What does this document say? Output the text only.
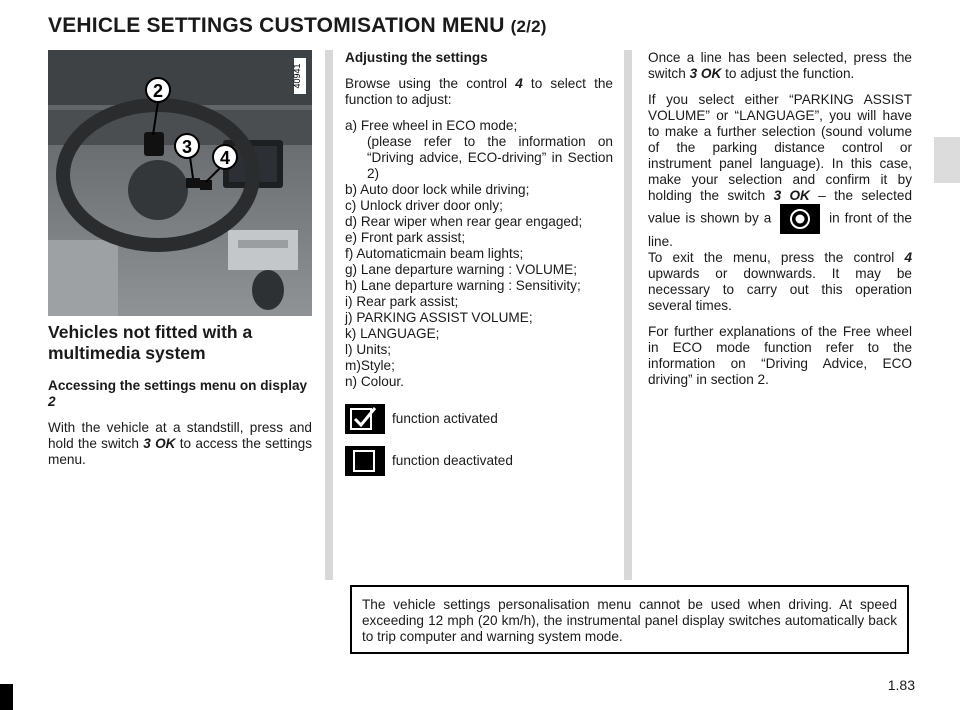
VEHICLE SETTINGS CUSTOMISATION MENU (2/2)
40941
2
3
4
Vehicles not fitted with a multimedia system
Accessing the settings menu on display 2

With the vehicle at a standstill, press and hold the switch 3 OK to access the settings menu.

Adjusting the settings

Browse using the control 4 to select the function to adjust:

a) Free wheel in ECO mode;
(please refer to the information on “Driving advice, ECO-driving” in Section 2)
b) Auto door lock while driving;
c) Unlock driver door only;
d) Rear wiper when rear gear engaged;
e) Front park assist;
f) Automaticmain beam lights;
g) Lane departure warning : VOLUME;
h) Lane departure warning : Sensitivity;
i) Rear park assist;
j) PARKING ASSIST VOLUME;
k) LANGUAGE;
l) Units;
m)Style;
n) Colour.
function activated
function deactivated

Once a line has been selected, press the switch 3 OK to adjust the function.

If you select either “PARKING ASSIST VOLUME” or “LANGUAGE”, you will have to make a further selection (sound volume of the parking distance control or instrument panel language). In this case, make your selection and confirm it by holding the switch 3 OK – the selected value is shown by a	in front of the line.

To exit the menu, press the control 4 upwards or downwards. It may be necessary to carry out this operation several times.

For further explanations of the Free wheel in ECO mode function refer to the information on “Driving Advice, ECO driving” in section 2.

The vehicle settings personalisation menu cannot be used when driving. At speed exceeding 12 mph (20 km/h), the instrumental panel display switches automatically back to trip computer and warning system mode.
1.83
